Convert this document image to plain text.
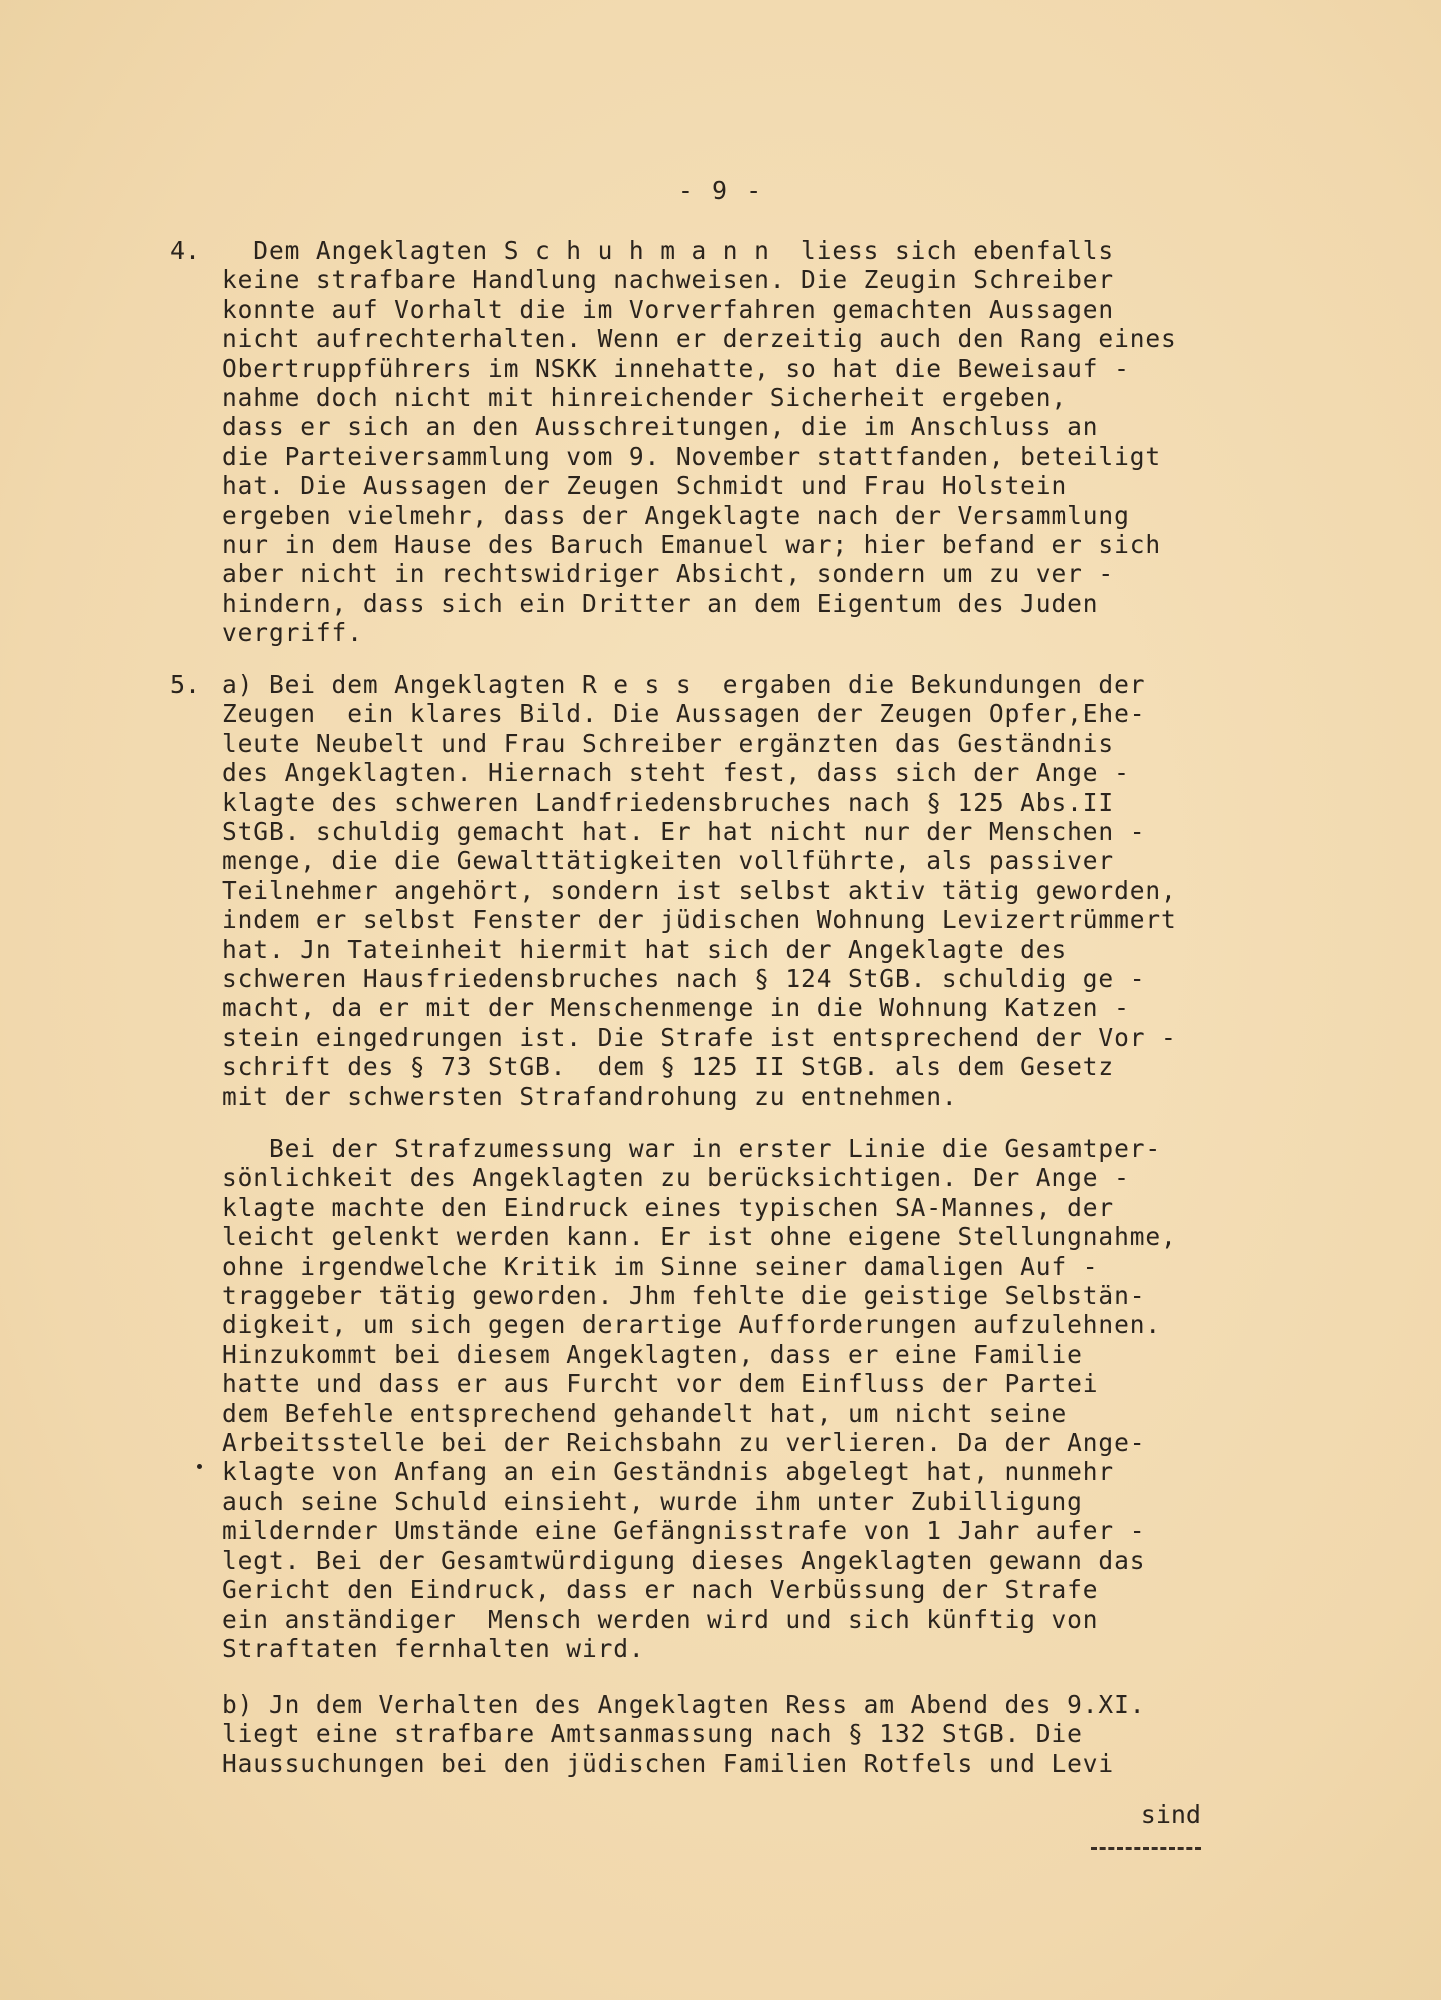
- 9 -
4. Dem Angeklagten S c h u h m a n n  liess sich ebenfalls
keine strafbare Handlung nachweisen. Die Zeugin Schreiber
konnte auf Vorhalt die im Vorverfahren gemachten Aussagen
nicht aufrechterhalten. Wenn er derzeitig auch den Rang eines
Obertruppführers im NSKK innehatte, so hat die Beweisauf -
nahme doch nicht mit hinreichender Sicherheit ergeben,
dass er sich an den Ausschreitungen, die im Anschluss an
die Parteiversammlung vom 9. November stattfanden, beteiligt
hat. Die Aussagen der Zeugen Schmidt und Frau Holstein
ergeben vielmehr, dass der Angeklagte nach der Versammlung
nur in dem Hause des Baruch Emanuel war; hier befand er sich
aber nicht in rechtswidriger Absicht, sondern um zu ver -
hindern, dass sich ein Dritter an dem Eigentum des Juden
vergriff.
5. a) Bei dem Angeklagten R e s s  ergaben die Bekundungen der
Zeugen  ein klares Bild. Die Aussagen der Zeugen Opfer,Ehe-
leute Neubelt und Frau Schreiber ergänzten das Geständnis
des Angeklagten. Hiernach steht fest, dass sich der Ange -
klagte des schweren Landfriedensbruches nach § 125 Abs.II
StGB. schuldig gemacht hat. Er hat nicht nur der Menschen -
menge, die die Gewalttätigkeiten vollführte, als passiver
Teilnehmer angehört, sondern ist selbst aktiv tätig geworden,
indem er selbst Fenster der jüdischen Wohnung Levizertrümmert
hat. Jn Tateinheit hiermit hat sich der Angeklagte des
schweren Hausfriedensbruches nach § 124 StGB. schuldig ge -
macht, da er mit der Menschenmenge in die Wohnung Katzen -
stein eingedrungen ist. Die Strafe ist entsprechend der Vor -
schrift des § 73 StGB.  dem § 125 II StGB. als dem Gesetz
mit der schwersten Strafandrohung zu entnehmen.
Bei der Strafzumessung war in erster Linie die Gesamtper-
sönlichkeit des Angeklagten zu berücksichtigen. Der Ange -
klagte machte den Eindruck eines typischen SA-Mannes, der
leicht gelenkt werden kann. Er ist ohne eigene Stellungnahme,
ohne irgendwelche Kritik im Sinne seiner damaligen Auf -
traggeber tätig geworden. Jhm fehlte die geistige Selbstän-
digkeit, um sich gegen derartige Aufforderungen aufzulehnen.
Hinzukommt bei diesem Angeklagten, dass er eine Familie
hatte und dass er aus Furcht vor dem Einfluss der Partei
dem Befehle entsprechend gehandelt hat, um nicht seine
Arbeitsstelle bei der Reichsbahn zu verlieren. Da der Ange-
klagte von Anfang an ein Geständnis abgelegt hat, nunmehr
auch seine Schuld einsieht, wurde ihm unter Zubilligung
mildernder Umstände eine Gefängnisstrafe von 1 Jahr aufer -
legt. Bei der Gesamtwürdigung dieses Angeklagten gewann das
Gericht den Eindruck, dass er nach Verbüssung der Strafe
ein anständiger  Mensch werden wird und sich künftig von
Straftaten fernhalten wird.
b) Jn dem Verhalten des Angeklagten Ress am Abend des 9.XI.
liegt eine strafbare Amtsanmassung nach § 132 StGB. Die
Haussuchungen bei den jüdischen Familien Rotfels und Levi
sind
